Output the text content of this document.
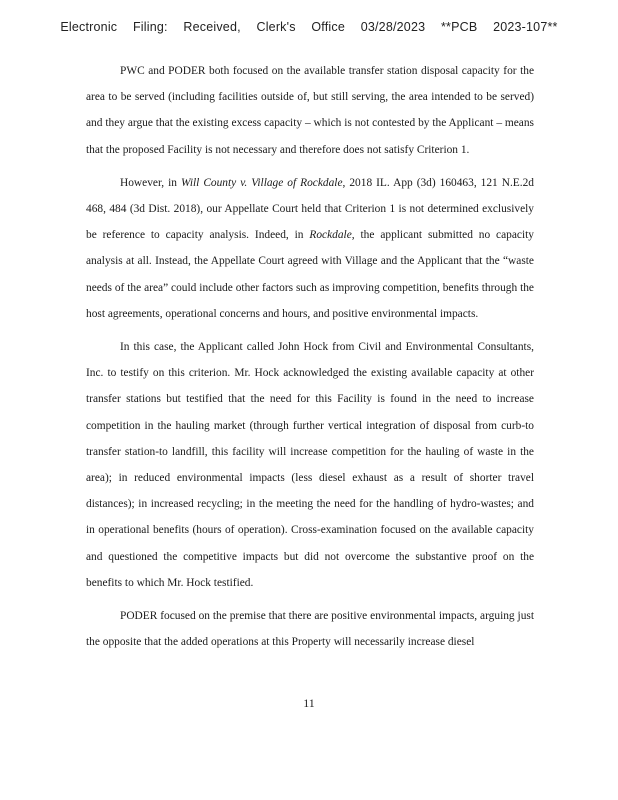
Electronic Filing: Received, Clerk's Office 03/28/2023 **PCB 2023-107**

PWC and PODER both focused on the available transfer station disposal capacity for the area to be served (including facilities outside of, but still serving, the area intended to be served) and they argue that the existing excess capacity – which is not contested by the Applicant – means that the proposed Facility is not necessary and therefore does not satisfy Criterion 1.

However, in Will County v. Village of Rockdale, 2018 IL. App (3d) 160463, 121 N.E.2d 468, 484 (3d Dist. 2018), our Appellate Court held that Criterion 1 is not determined exclusively be reference to capacity analysis. Indeed, in Rockdale, the applicant submitted no capacity analysis at all. Instead, the Appellate Court agreed with Village and the Applicant that the “waste needs of the area” could include other factors such as improving competition, benefits through the host agreements, operational concerns and hours, and positive environmental impacts.

In this case, the Applicant called John Hock from Civil and Environmental Consultants, Inc. to testify on this criterion. Mr. Hock acknowledged the existing available capacity at other transfer stations but testified that the need for this Facility is found in the need to increase competition in the hauling market (through further vertical integration of disposal from curb-to transfer station-to landfill, this facility will increase competition for the hauling of waste in the area); in reduced environmental impacts (less diesel exhaust as a result of shorter travel distances); in increased recycling; in the meeting the need for the handling of hydro-wastes; and in operational benefits (hours of operation). Cross-examination focused on the available capacity and questioned the competitive impacts but did not overcome the substantive proof on the benefits to which Mr. Hock testified.

PODER focused on the premise that there are positive environmental impacts, arguing just the opposite that the added operations at this Property will necessarily increase diesel

11
